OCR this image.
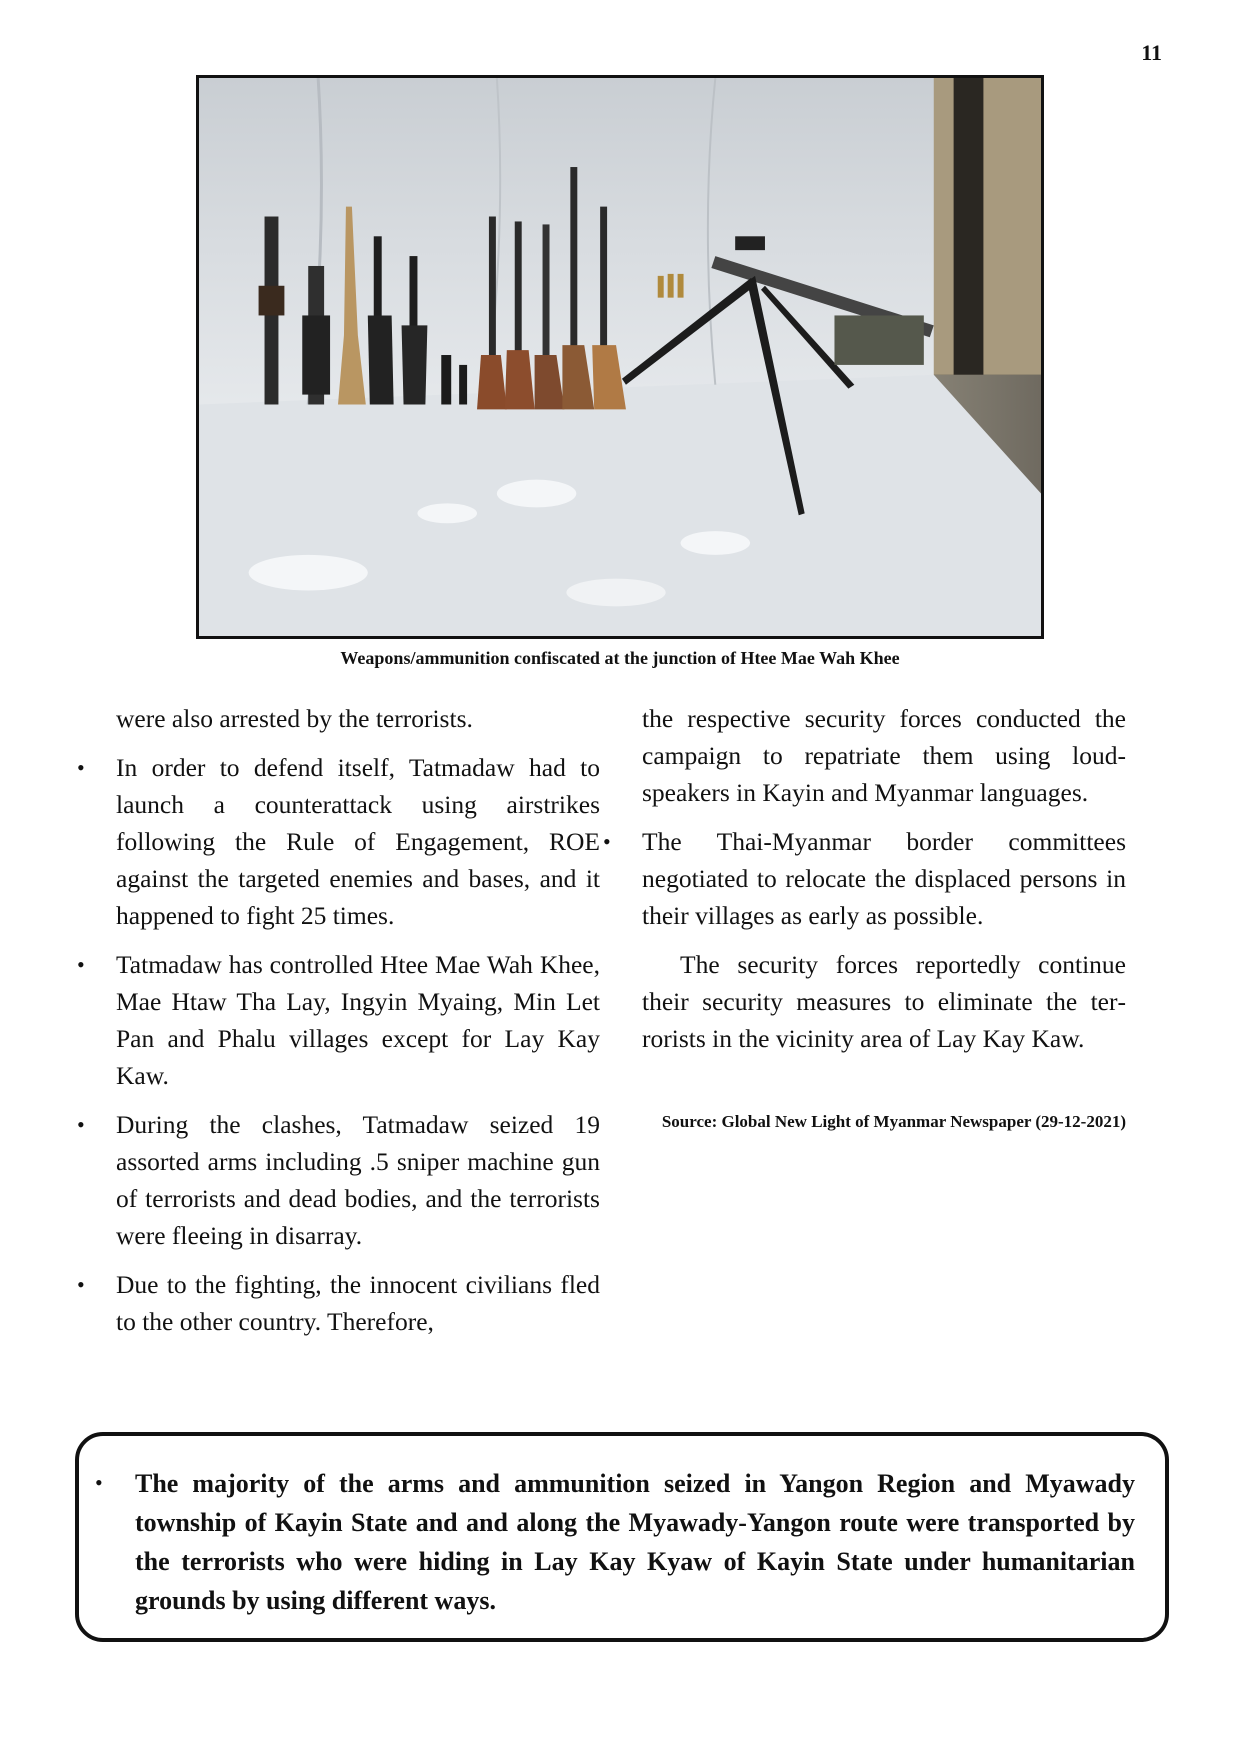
11
Weapons/ammunition confiscated at the junction of Htee Mae Wah Khee

were also arrested by the terrorists.

• In order to defend itself, Tatmadaw had to launch a counterattack using airstrikes following the Rule of Engagement, ROE against the targeted enemies and bases, and it happened to fight 25 times.
• Tatmadaw has controlled Htee Mae Wah Khee, Mae Htaw Tha Lay, Ingyin Myaing, Min Let Pan and Phalu villages except for Lay Kay Kaw.
• During the clashes, Tatmadaw seized 19 assorted arms including .5 sniper machine gun of terrorists and dead bodies, and the terrorists were fleeing in disarray.
• Due to the fighting, the innocent civilians fled to the other country. Therefore,

the respective security forces conducted the campaign to repatriate them using loud-speakers in Kayin and Myanmar languages.

• The Thai-Myanmar border committees negotiated to relocate the displaced persons in their villages as early as possible.

The security forces reportedly continue their security measures to eliminate the terrorists in the vicinity area of Lay Kay Kaw.

Source: Global New Light of Myanmar Newspaper (29-12-2021)
• The majority of the arms and ammunition seized in Yangon Region and Myawady township of Kayin State and and along the Myawady-Yangon route were transported by the terrorists who were hiding in Lay Kay Kyaw of Kayin State under humanitarian grounds by using different ways.
